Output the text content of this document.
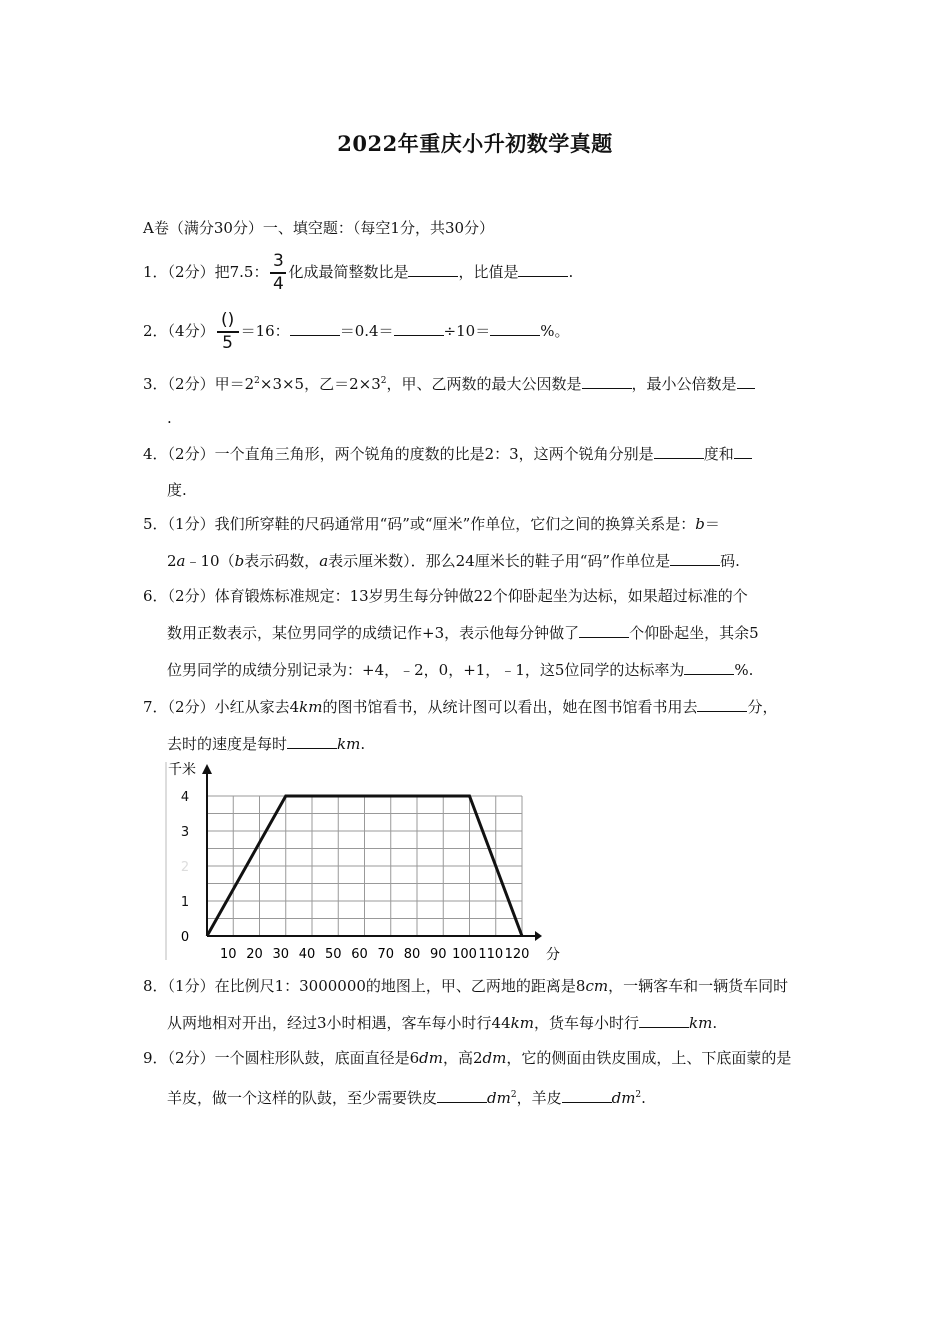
2022年重庆小升初数学真题
A卷（满分30分）一、填空题：（每空1分，共30分）
1．（2分）把7.5： $\frac{3}{4}$ 化成最简整数比是	，比值是	.
2．（4分） $\frac{()}{5} =16$：	＝0.4＝	÷10＝	%。
3．（2分）甲$=2^2\times 3\times 5$，乙$=2\times 3^2$，甲、乙两数的最大公因数是	，最小公倍数是
.
4．（2分）一个直角三角形，两个锐角的度数的比是2：3，这两个锐角分别是	度和
度.
5．（1分）我们所穿鞋的尺码通常用“码”或“厘米”作单位，它们之间的换算关系是：b＝
2a﹣10（b表示码数，a表示厘米数）．那么24厘米长的鞋子用“码”作单位是	码.
6．（2分）体育锻炼标准规定：13岁男生每分钟做22个仰卧起坐为达标，如果超过标准的个
数用正数表示，某位男同学的成绩记作+3，表示他每分钟做了	个仰卧起坐，其余5
位男同学的成绩分别记录为：+4，﹣2，0，+1，﹣1，这5位同学的达标率为	%.
7．（2分）小红从家去4km的图书馆看书，从统计图可以看出，她在图书馆看书用去	分，
去时的速度是每时	km.
10 20 30 40 50 60 70 80 90 100 110 120
0
1
2
3
4
千米
分
8．（1分）在比例尺1：3000000的地图上，甲、乙两地的距离是8cm，一辆客车和一辆货车同时
从两地相对开出，经过3小时相遇，客车每小时行44km，货车每小时行	km.
9．（2分）一个圆柱形队鼓，底面直径是6dm，高2dm，它的侧面由铁皮围成，上、下底面蒙的是
羊皮，做一个这样的队鼓，至少需要铁皮	$dm^2$，羊皮	$dm^2$.
